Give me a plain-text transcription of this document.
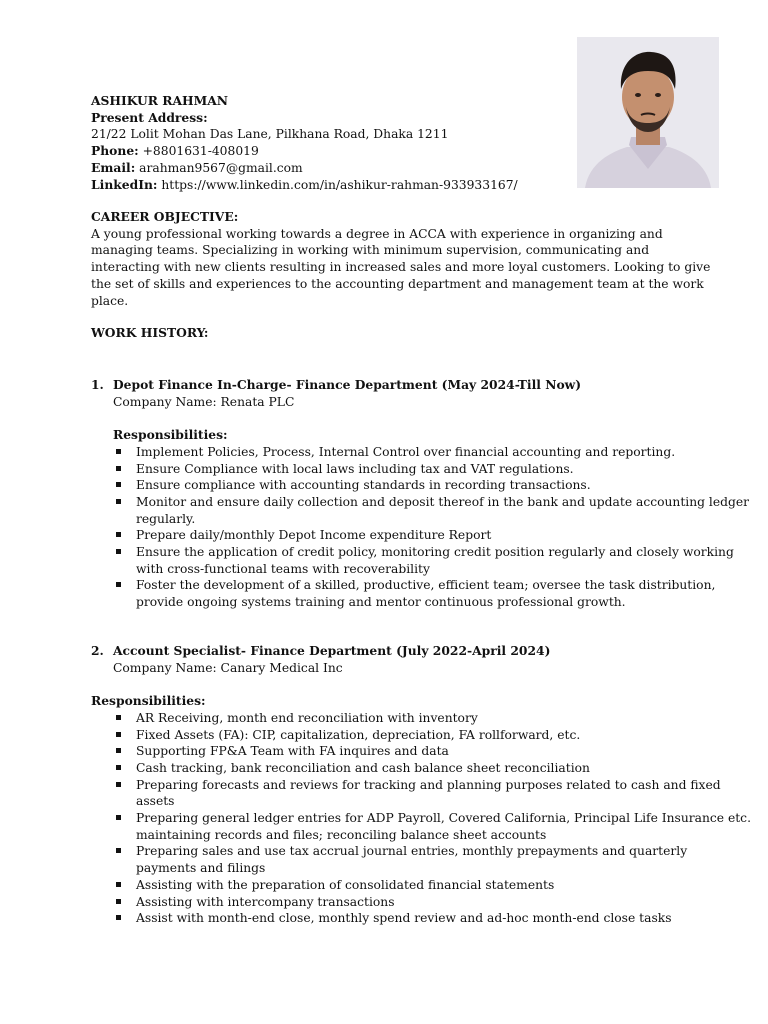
ASHIKUR RAHMAN
Present Address:
21/22 Lolit Mohan Das Lane, Pilkhana Road, Dhaka 1211
Phone: +8801631-408019
Email: arahman9567@gmail.com
LinkedIn: https://www.linkedin.com/in/ashikur-rahman-933933167/
CAREER OBJECTIVE:

A young professional working towards a degree in ACCA with experience in organizing and
managing teams. Specializing in working with minimum supervision, communicating and
interacting with new clients resulting in increased sales and more loyal customers. Looking to give
the set of skills and experiences to the accounting department and management team at the work
place.

WORK HISTORY:
1. Depot Finance In-Charge- Finance Department (May 2024-Till Now)
Company Name: Renata PLC
Responsibilities:
Implement Policies, Process, Internal Control over financial accounting and reporting.
Ensure Compliance with local laws including tax and VAT regulations.
Ensure compliance with accounting standards in recording transactions.
Monitor and ensure daily collection and deposit thereof in the bank and update accounting ledger
regularly.
Prepare daily/monthly Depot Income expenditure Report
Ensure the application of credit policy, monitoring credit position regularly and closely working
with cross-functional teams with recoverability
Foster the development of a skilled, productive, efficient team; oversee the task distribution,
provide ongoing systems training and mentor continuous professional growth.
2. Account Specialist- Finance Department (July 2022-April 2024)
Company Name: Canary Medical Inc
Responsibilities:
AR Receiving, month end reconciliation with inventory
Fixed Assets (FA): CIP, capitalization, depreciation, FA rollforward, etc.
Supporting FP&A Team with FA inquires and data
Cash tracking, bank reconciliation and cash balance sheet reconciliation
Preparing forecasts and reviews for tracking and planning purposes related to cash and fixed
assets
Preparing general ledger entries for ADP Payroll, Covered California, Principal Life Insurance etc.
maintaining records and files; reconciling balance sheet accounts
Preparing sales and use tax accrual journal entries, monthly prepayments and quarterly
payments and filings
Assisting with the preparation of consolidated financial statements
Assisting with intercompany transactions
Assist with month-end close, monthly spend review and ad-hoc month-end close tasks
